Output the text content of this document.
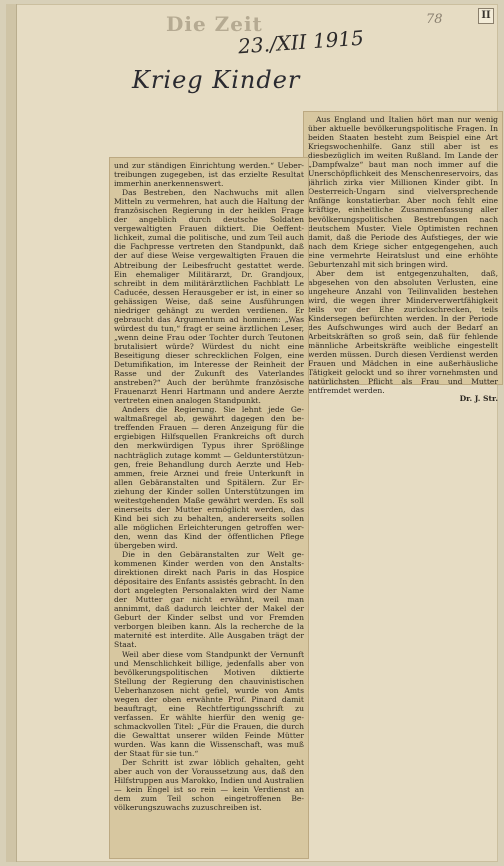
Die Zeit
23./XII 1915
78	II
Krieg Kinder

Aus England und Italien hört man nur wenig über aktuelle bevölkerungspolitische Fragen. In beiden Staaten besteht zum Beispiel eine Art Kriegswochenhilfe. Ganz still aber ist es diesbezüglich im weiten Rußland. Im Lande der „Dampfwalze“ baut man noch immer auf die Unerschöpflichkeit des Menschenreservoirs, das jährlich zirka vier Millionen Kinder gibt. In Oesterreich-Ungarn sind vielversprechende Anfänge konstatierbar. Aber noch fehlt eine kräftige, einheitliche Zusammenfassung aller bevölkerungspolitischen Bestrebungen nach deutschem Muster. Viele Optimisten rechnen damit, daß die Periode des Aufstieges, der wie nach dem Kriege sicher entgegengehen, auch eine vermehrte Heiratslust und eine erhöhte Geburtenzahl mit sich bringen wird.

Aber dem ist entgegenzuhalten, daß, abgesehen von den absoluten Verlusten, eine ungeheure Anzahl von Teilinvaliden bestehen wird, die wegen ihrer Minderverwertfähigkeit teils vor der Ehe zurückschrecken, teils Kindersegen befürchten werden. In der Periode des Aufschwunges wird auch der Bedarf an Arbeitskräften so groß sein, daß für fehlende männliche Arbeitskräfte weibliche eingestellt werden müssen. Durch diesen Verdienst werden Frauen und Mädchen in eine außerhäusliche Tätigkeit gelockt und so ihrer vornehmsten und natürlichsten Pflicht als Frau und Mutter entfremdet werden.

Dr. J. Str.

und zur ständigen Einrichtung werden.“ Uebertreibungen zugegeben, ist das erzielte Resultat immerhin anerkennenswert.

Das Bestreben, den Nachwuchs mit allen Mitteln zu vermehren, hat auch die Haltung der französischen Regierung in der heiklen Frage der angeblich durch deutsche Soldaten vergewaltigten Frauen diktiert. Die Oeffentlichkeit, zumal die politische, und zum Teil auch die Fachpresse vertreten den Standpunkt, daß der auf diese Weise vergewaltigten Frauen die Abtreibung der Leibesfrucht gestattet werde. Ein ehemaliger Militärarzt, Dr. Grandjoux, schreibt in dem militärärztlichen Fachblatt Le Caducée, dessen Herausgeber er ist, in einer so gehässigen Weise, daß seine Ausführungen niedriger gehängt zu werden verdienen. Er gebraucht das Argumentum ad hominem: „Was würdest du tun,“ fragt er seine ärztlichen Leser, „wenn deine Frau oder Tochter durch Teutonen brutalisiert würde? Würdest du nicht eine Beseitigung dieser schrecklichen Folgen, eine Detumifikation, im Interesse der Reinheit der Rasse und der Zukunft des Vaterlandes anstreben?“ Auch der berühmte französische Frauenarzt Henri Hartmann und andere Aerzte vertreten einen analogen Standpunkt.

Anders die Regierung. Sie lehnt jede Gewaltmaßregel ab, gewährt dagegen den betreffenden Frauen — deren Anzeigung für die ergiebigen Hilfsquellen Frankreichs oft durch den merkwürdigen Typus ihrer Sprößlinge nachträglich zutage kommt — Geldunterstützungen, freie Behandlung durch Aerzte und Hebammen, freie Arznei und freie Unterkunft in allen Gebäranstalten und Spitälern. Zur Erziehung der Kinder sollen Unterstützungen im weitestgehenden Maße gewährt werden. Es soll einerseits der Mutter ermöglicht werden, das Kind bei sich zu behalten, andererseits sollen alle möglichen Erleichterungen getroffen werden, wenn das Kind der öffentlichen Pflege übergeben wird.

Die in den Gebäranstalten zur Welt gekommenen Kinder werden von den Anstaltsdirektionen direkt nach Paris in das Hospice dépositaire des Enfants assistés gebracht. In den dort angelegten Personalakten wird der Name der Mutter gar nicht erwähnt, weil man annimmt, daß dadurch leichter der Makel der Geburt der Kinder selbst und vor Fremden verborgen bleiben kann. Als la recherche de la maternité est interdite. Alle Ausgaben trägt der Staat.

Weil aber diese vom Standpunkt der Vernunft und Menschlichkeit billige, jedenfalls aber von bevölkerungspolitischen Motiven diktierte Stellung der Regierung den chauvinistischen Ueberhanzosen nicht gefiel, wurde von Amts wegen der oben erwähnte Prof. Pinard damit beauftragt, eine Rechtfertigungsschrift zu verfassen. Er wählte hierfür den wenig geschmackvollen Titel: „Für die Frauen, die durch die Gewalttat unserer wilden Feinde Mütter wurden. Was kann die Wissenschaft, was muß der Staat für sie tun.“

Der Schritt ist zwar löblich gehalten, geht aber auch von der Voraussetzung aus, daß den Hilfstruppen aus Marokko, Indien und Australien — kein Engel ist so rein — kein Verdienst an dem zum Teil schon eingetroffenen Bevölkerungszuwachs zuzuschreiben ist.
